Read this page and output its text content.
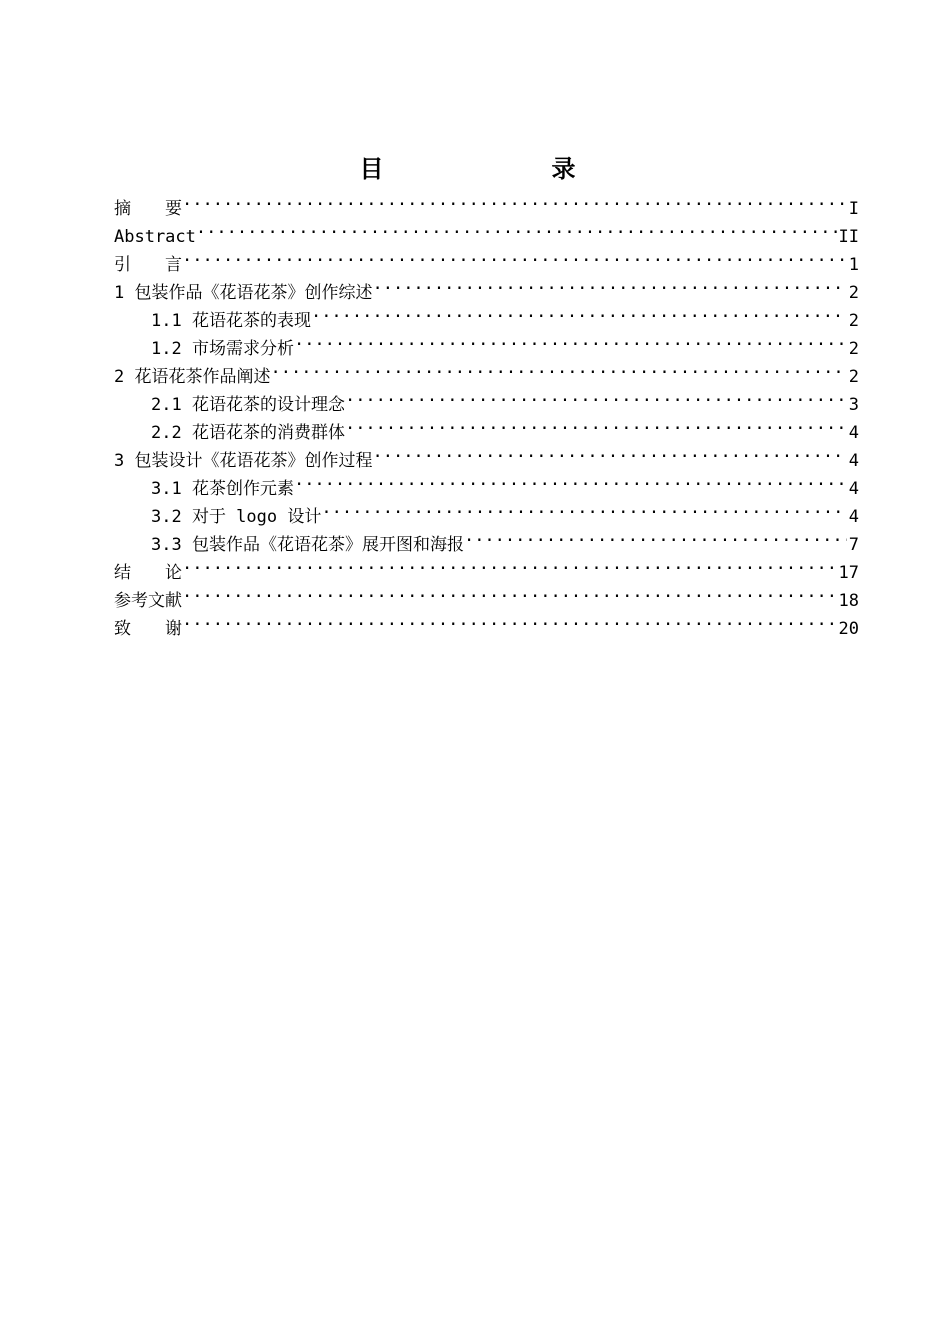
目　　录
摘　　要 .....	I
Abstract .....	II
引　　言 .....	1
1 包装作品《花语花茶》创作综述 .....	2
1.1 花语花茶的表现 .....	2
1.2 市场需求分析 .....	2
2 花语花茶作品阐述 .....	2
2.1 花语花茶的设计理念 .....	3
2.2 花语花茶的消费群体 .....	4
3 包装设计《花语花茶》创作过程 .....	4
3.1 花茶创作元素 .....	4
3.2 对于 logo 设计 .....	4
3.3 包装作品《花语花茶》展开图和海报 .....	7
结　　论 .....	17
参考文献 .....	18
致　　谢 .....	20
